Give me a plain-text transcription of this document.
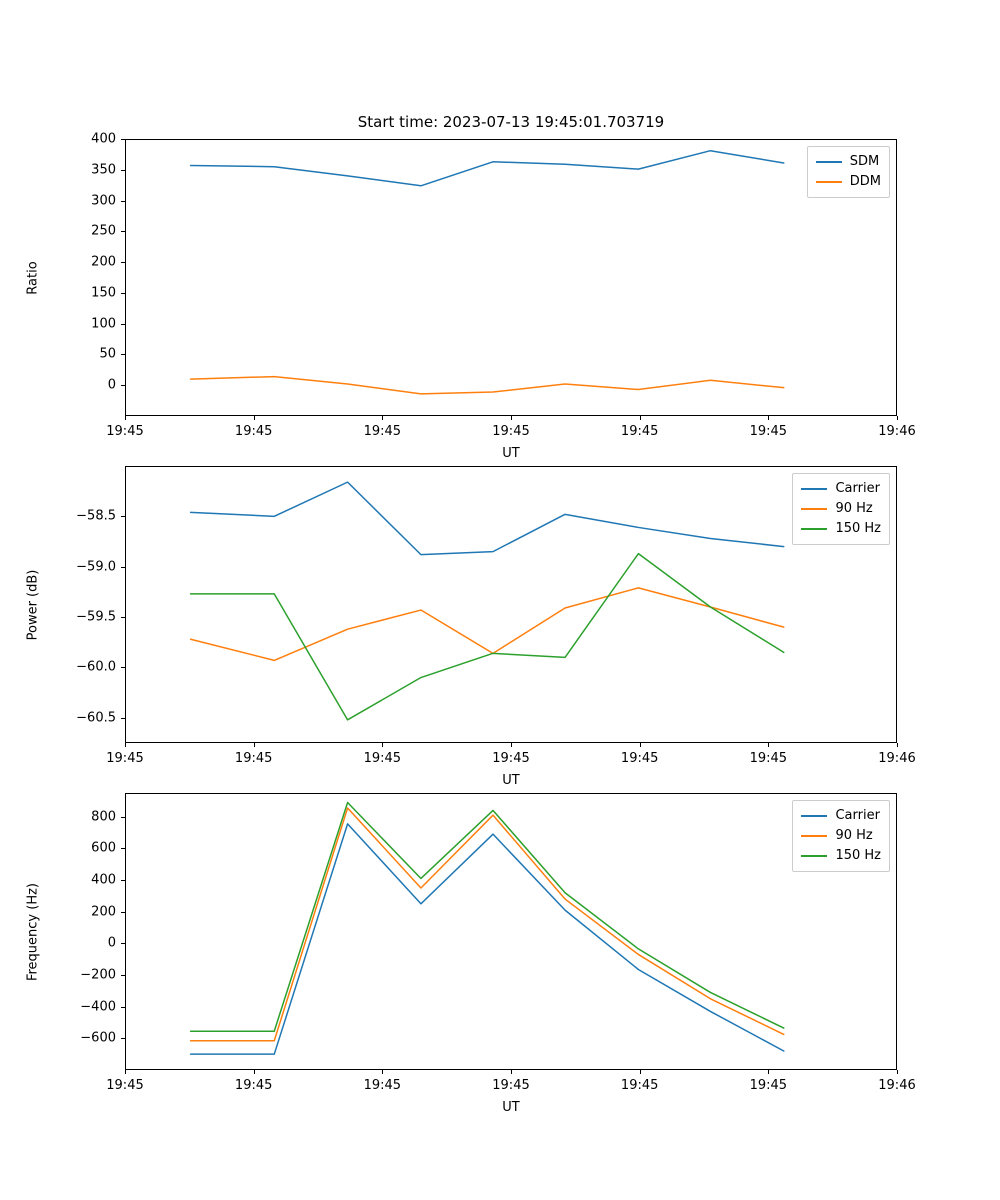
Start time: 2023-07-13 19:45:01.703719
0
50
100
150
200
250
300
350
400
19:45	19:45	19:45	19:45	19:45	19:45	19:46
UT
Ratio
SDM
DDM
−60.5
−60.0
−59.5
−59.0
−58.5
19:45	19:45	19:45	19:45	19:45	19:45	19:46
UT
Power (dB)
Carrier
90 Hz
150 Hz
−600
−400
−200
0
200
400
600
800
19:45	19:45	19:45	19:45	19:45	19:45	19:46
UT
Frequency (Hz)
Carrier
90 Hz
150 Hz
